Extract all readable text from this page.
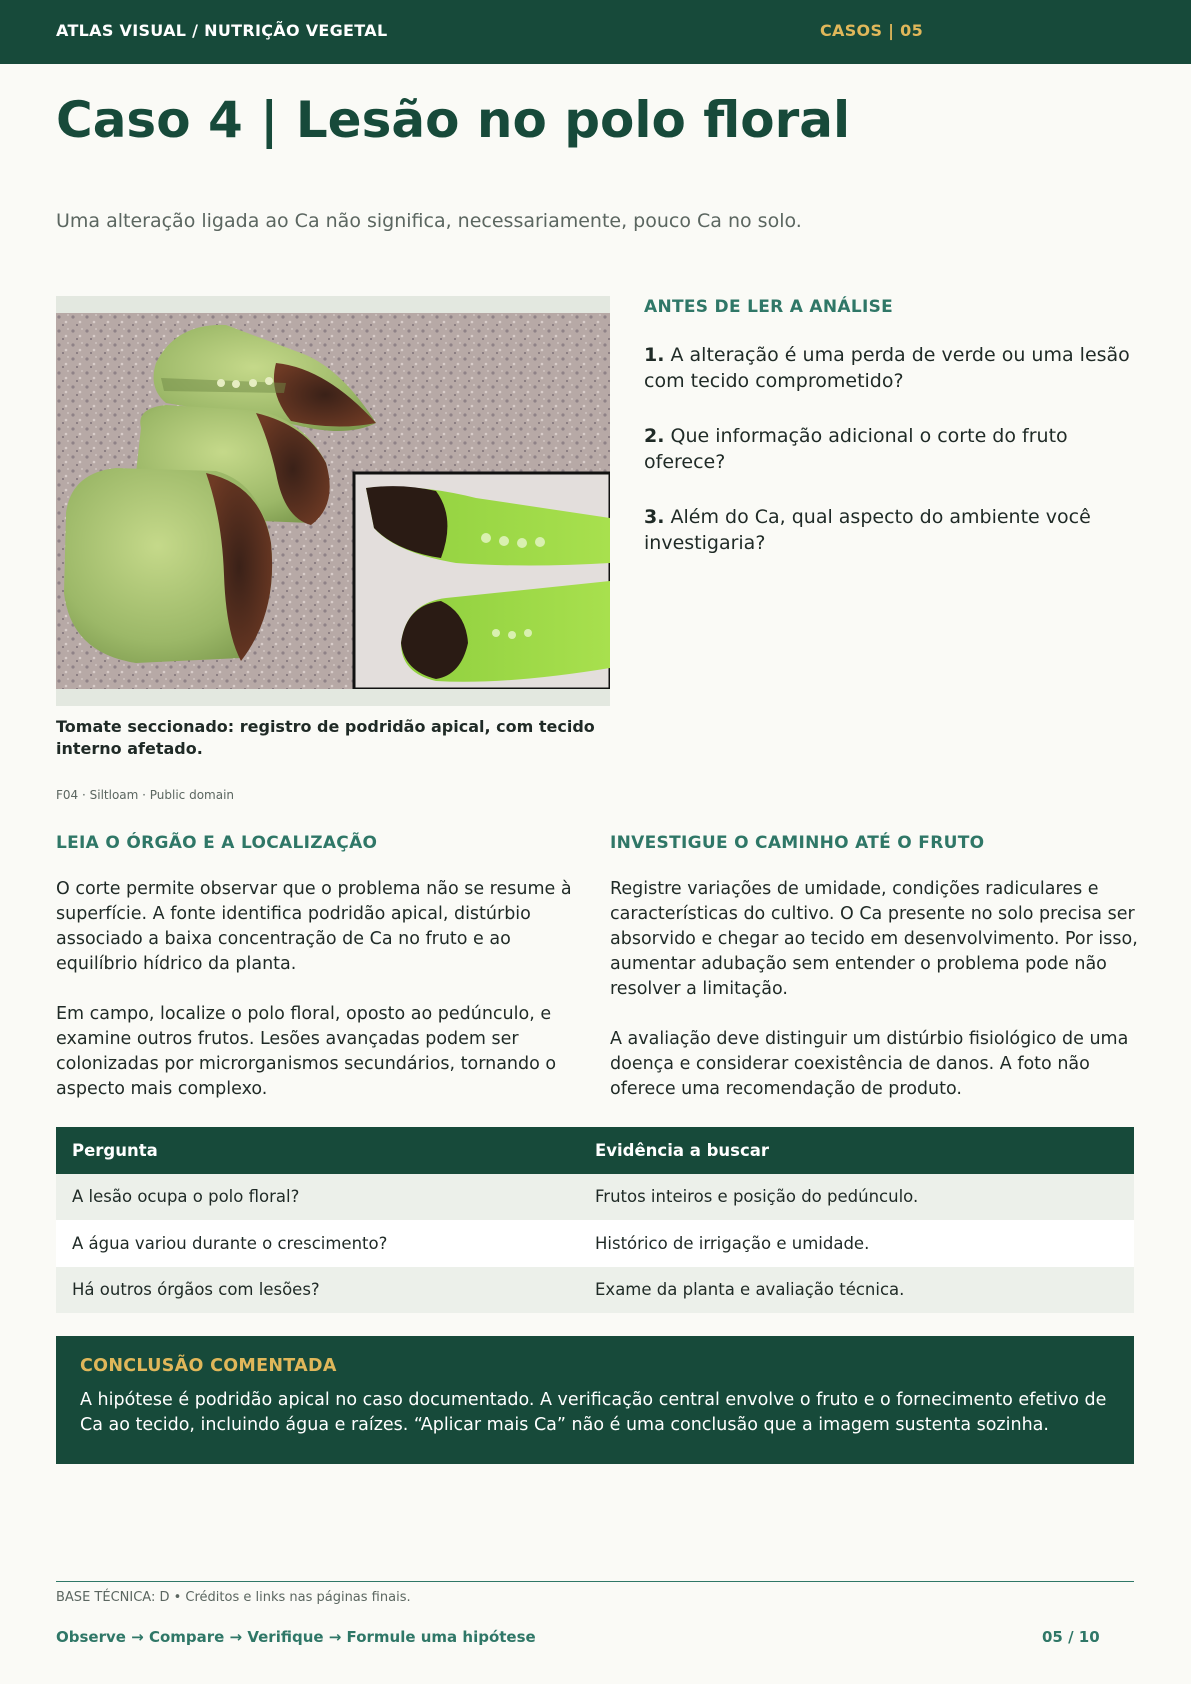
ATLAS VISUAL / NUTRIÇÃO VEGETAL	CASOS | 05
Caso 4 | Lesão no polo floral
Uma alteração ligada ao Ca não significa, necessariamente, pouco Ca no solo.
Tomate seccionado: registro de podridão apical, com tecido interno afetado.
F04 · Siltloam · Public domain
ANTES DE LER A ANÁLISE
1. A alteração é uma perda de verde ou uma lesão com tecido comprometido?
2. Que informação adicional o corte do fruto oferece?
3. Além do Ca, qual aspecto do ambiente você investigaria?
LEIA O ÓRGÃO E A LOCALIZAÇÃO

O corte permite observar que o problema não se resume à superfície. A fonte identifica podridão apical, distúrbio associado a baixa concentração de Ca no fruto e ao equilíbrio hídrico da planta.

Em campo, localize o polo floral, oposto ao pedúnculo, e examine outros frutos. Lesões avançadas podem ser colonizadas por microrganismos secundários, tornando o aspecto mais complexo.

INVESTIGUE O CAMINHO ATÉ O FRUTO

Registre variações de umidade, condições radiculares e características do cultivo. O Ca presente no solo precisa ser absorvido e chegar ao tecido em desenvolvimento. Por isso, aumentar adubação sem entender o problema pode não resolver a limitação.

A avaliação deve distinguir um distúrbio fisiológico de uma doença e considerar coexistência de danos. A foto não oferece uma recomendação de produto.

Pergunta	Evidência a buscar
A lesão ocupa o polo floral?	Frutos inteiros e posição do pedúnculo.
A água variou durante o crescimento?	Histórico de irrigação e umidade.
Há outros órgãos com lesões?	Exame da planta e avaliação técnica.
CONCLUSÃO COMENTADA

A hipótese é podridão apical no caso documentado. A verificação central envolve o fruto e o fornecimento efetivo de Ca ao tecido, incluindo água e raízes. “Aplicar mais Ca” não é uma conclusão que a imagem sustenta sozinha.

BASE TÉCNICA: D • Créditos e links nas páginas finais.
Observe → Compare → Verifique → Formule uma hipótese	05 / 10
